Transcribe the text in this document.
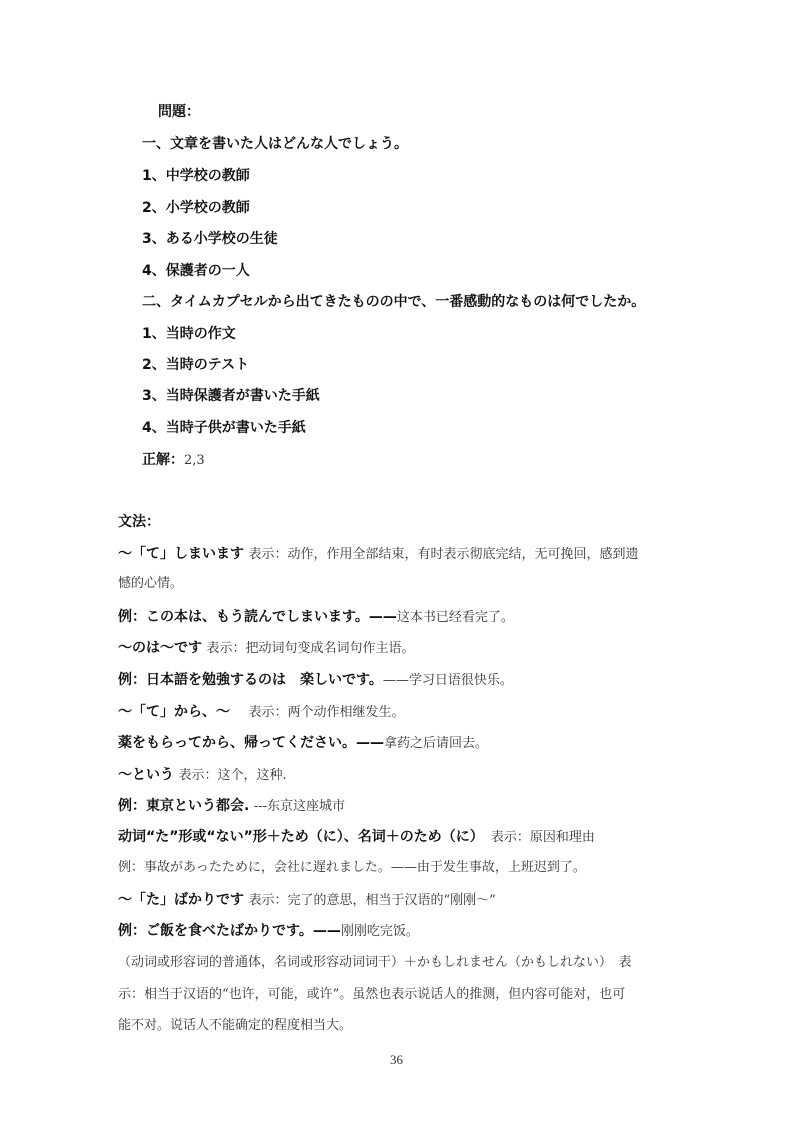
問題：
一、文章を書いた人はどんな人でしょう。
1、中学校の教師
2、小学校の教師
3、ある小学校の生徒
4、保護者の一人
二、タイムカプセルから出てきたものの中で、一番感動的なものは何でしたか。
1、当時の作文
2、当時のテスト
3、当時保護者が書いた手紙
4、当時子供が書いた手紙
正解：2,3
文法：
～「て」しまいます 表示：动作，作用全部结束，有时表示彻底完结，无可挽回，感到遗
憾的心情。
例：この本は、もう読んでしまいます。——这本书已经看完了。
～のは～です 表示：把动词句变成名词句作主语。
例：日本語を勉強するのは　楽しいです。——学习日语很快乐。
～「て」から、～　 表示：两个动作相继发生。
薬をもらってから、帰ってください。——拿药之后请回去。
～という 表示：这个，这种.
例：東京という都会. ---东京这座城市
动词“た”形或“ない”形＋ため（に）、名词＋のため（に）　 表示：原因和理由
例：事故があったために，会社に遅れました。——由于发生事故，上班迟到了。
～「た」ばかりです 表示：完了的意思，相当于汉语的“刚刚～”
例：ご飯を食べたばかりです。——刚刚吃完饭。
（动词或形容词的普通体，名词或形容动词词干）＋かもしれません（かもしれない）　表
示：相当于汉语的“也许，可能，或许”。虽然也表示说话人的推测，但内容可能对，也可
能不对。说话人不能确定的程度相当大。
36
